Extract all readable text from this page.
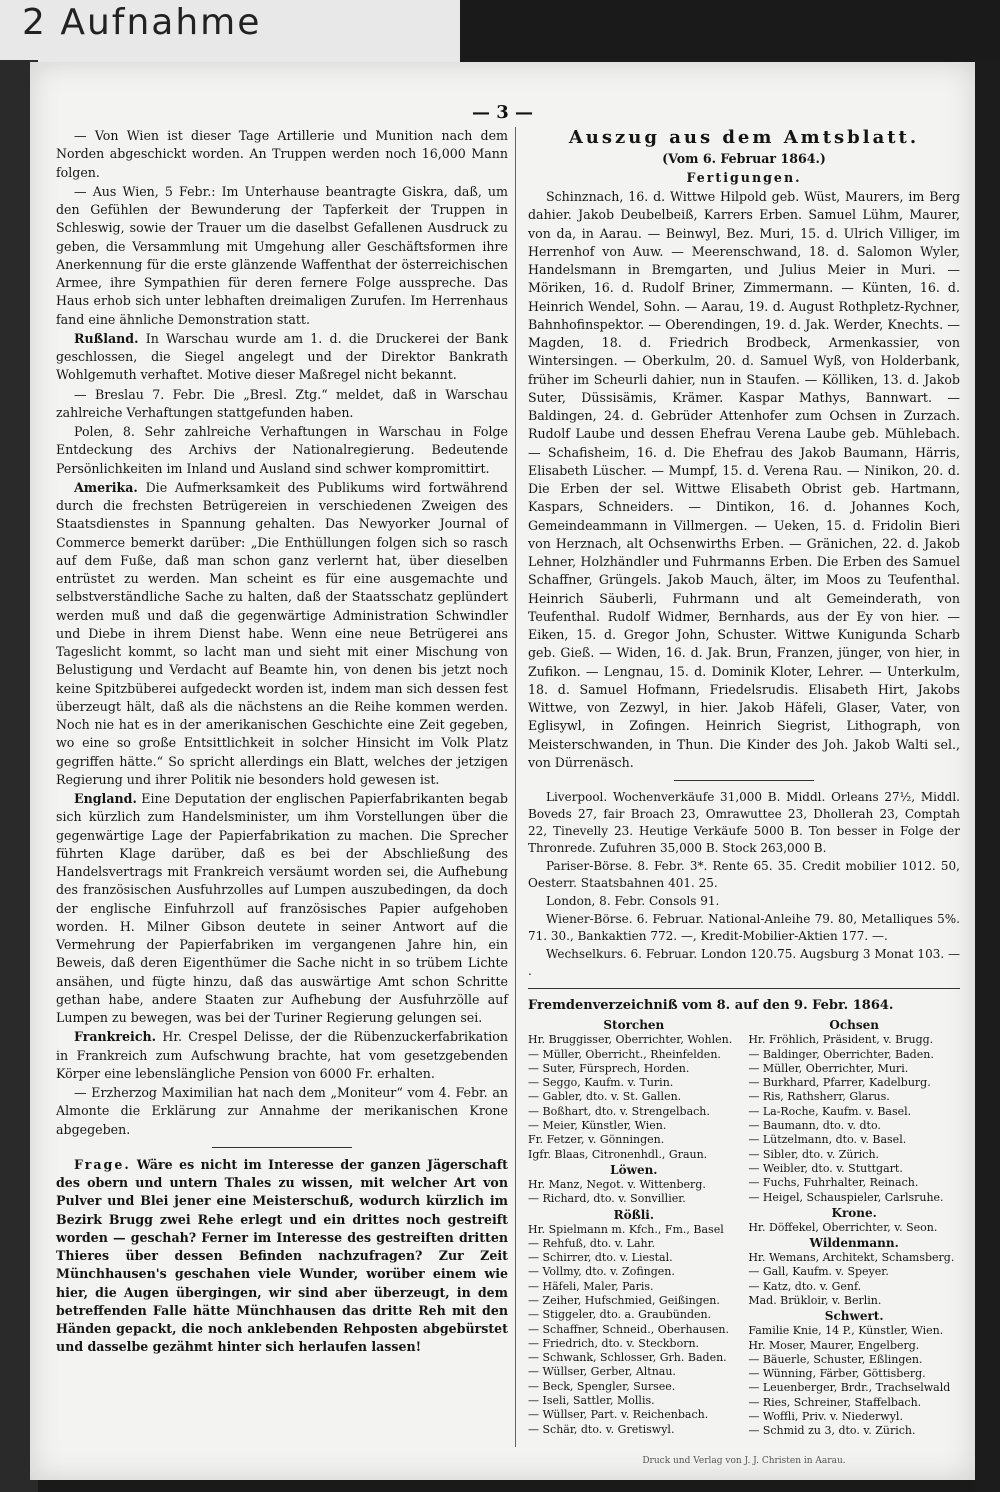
2 Aufnahme
— 3 —

— Von Wien ist dieser Tage Artillerie und Munition nach dem Norden abgeschickt worden. An Truppen werden noch 16,000 Mann folgen.

— Aus Wien, 5 Febr.: Im Unterhause beantragte Giskra, daß, um den Gefühlen der Bewunderung der Tapferkeit der Truppen in Schleswig, sowie der Trauer um die daselbst Gefallenen Ausdruck zu geben, die Versammlung mit Umgehung aller Geschäftsformen ihre Anerkennung für die erste glänzende Waffenthat der österreichischen Armee, ihre Sympathien für deren fernere Folge ausspreche. Das Haus erhob sich unter lebhaften dreimaligen Zurufen. Im Herrenhaus fand eine ähnliche Demonstration statt.

Rußland. In Warschau wurde am 1. d. die Druckerei der Bank geschlossen, die Siegel angelegt und der Direktor Bankrath Wohlgemuth verhaftet. Motive dieser Maßregel nicht bekannt.

— Breslau 7. Febr. Die „Bresl. Ztg.“ meldet, daß in Warschau zahlreiche Verhaftungen stattgefunden haben.

Polen, 8. Sehr zahlreiche Verhaftungen in Warschau in Folge Entdeckung des Archivs der Nationalregierung. Bedeutende Persönlichkeiten im Inland und Ausland sind schwer kompromittirt.

Amerika. Die Aufmerksamkeit des Publikums wird fortwährend durch die frechsten Betrügereien in verschiedenen Zweigen des Staatsdienstes in Spannung gehalten. Das Newyorker Journal of Commerce bemerkt darüber: „Die Enthüllungen folgen sich so rasch auf dem Fuße, daß man schon ganz verlernt hat, über dieselben entrüstet zu werden. Man scheint es für eine ausgemachte und selbstverständliche Sache zu halten, daß der Staatsschatz geplündert werden muß und daß die gegenwärtige Administration Schwindler und Diebe in ihrem Dienst habe. Wenn eine neue Betrügerei ans Tageslicht kommt, so lacht man und sieht mit einer Mischung von Belustigung und Verdacht auf Beamte hin, von denen bis jetzt noch keine Spitzbüberei aufgedeckt worden ist, indem man sich dessen fest überzeugt hält, daß als die nächstens an die Reihe kommen werden. Noch nie hat es in der amerikanischen Geschichte eine Zeit gegeben, wo eine so große Entsittlichkeit in solcher Hinsicht im Volk Platz gegriffen hätte.“ So spricht allerdings ein Blatt, welches der jetzigen Regierung und ihrer Politik nie besonders hold gewesen ist.

England. Eine Deputation der englischen Papierfabrikanten begab sich kürzlich zum Handelsminister, um ihm Vorstellungen über die gegenwärtige Lage der Papierfabrikation zu machen. Die Sprecher führten Klage darüber, daß es bei der Abschließung des Handelsvertrags mit Frankreich versäumt worden sei, die Aufhebung des französischen Ausfuhrzolles auf Lumpen auszubedingen, da doch der englische Einfuhrzoll auf französisches Papier aufgehoben worden. H. Milner Gibson deutete in seiner Antwort auf die Vermehrung der Papierfabriken im vergangenen Jahre hin, ein Beweis, daß deren Eigenthümer die Sache nicht in so trübem Lichte ansähen, und fügte hinzu, daß das auswärtige Amt schon Schritte gethan habe, andere Staaten zur Aufhebung der Ausfuhrzölle auf Lumpen zu bewegen, was bei der Turiner Regierung gelungen sei.

Frankreich. Hr. Crespel Delisse, der die Rübenzuckerfabrikation in Frankreich zum Aufschwung brachte, hat vom gesetzgebenden Körper eine lebenslängliche Pension von 6000 Fr. erhalten.

— Erzherzog Maximilian hat nach dem „Moniteur“ vom 4. Febr. an Almonte die Erklärung zur Annahme der merikanischen Krone abgegeben.

Frage. Wäre es nicht im Interesse der ganzen Jägerschaft des obern und untern Thales zu wissen, mit welcher Art von Pulver und Blei jener eine Meisterschuß, wodurch kürzlich im Bezirk Brugg zwei Rehe erlegt und ein drittes noch gestreift worden — geschah? Ferner im Interesse des gestreiften dritten Thieres über dessen Befinden nachzufragen? Zur Zeit Münchhausen's geschahen viele Wunder, worüber einem wie hier, die Augen übergingen, wir sind aber überzeugt, in dem betreffenden Falle hätte Münchhausen das dritte Reh mit den Händen gepackt, die noch anklebenden Rehposten abgebürstet und dasselbe gezähmt hinter sich herlaufen lassen!

Auszug aus dem Amtsblatt.

(Vom 6. Februar 1864.)

Fertigungen.

Schinznach, 16. d. Wittwe Hilpold geb. Wüst, Maurers, im Berg dahier. Jakob Deubelbeiß, Karrers Erben. Samuel Lühm, Maurer, von da, in Aarau. — Beinwyl, Bez. Muri, 15. d. Ulrich Villiger, im Herrenhof von Auw. — Meerenschwand, 18. d. Salomon Wyler, Handelsmann in Bremgarten, und Julius Meier in Muri. — Möriken, 16. d. Rudolf Briner, Zimmermann. — Künten, 16. d. Heinrich Wendel, Sohn. — Aarau, 19. d. August Rothpletz-Rychner, Bahnhofinspektor. — Oberendingen, 19. d. Jak. Werder, Knechts. — Magden, 18. d. Friedrich Brodbeck, Armenkassier, von Wintersingen. — Oberkulm, 20. d. Samuel Wyß, von Holderbank, früher im Scheurli dahier, nun in Staufen. — Kölliken, 13. d. Jakob Suter, Düssisämis, Krämer. Kaspar Mathys, Bannwart. — Baldingen, 24. d. Gebrüder Attenhofer zum Ochsen in Zurzach. Rudolf Laube und dessen Ehefrau Verena Laube geb. Mühlebach. — Schafisheim, 16. d. Die Ehefrau des Jakob Baumann, Härris, Elisabeth Lüscher. — Mumpf, 15. d. Verena Rau. — Ninikon, 20. d. Die Erben der sel. Wittwe Elisabeth Obrist geb. Hartmann, Kaspars, Schneiders. — Dintikon, 16. d. Johannes Koch, Gemeindeammann in Villmergen. — Ueken, 15. d. Fridolin Bieri von Herznach, alt Ochsenwirths Erben. — Gränichen, 22. d. Jakob Lehner, Holzhändler und Fuhrmanns Erben. Die Erben des Samuel Schaffner, Grüngels. Jakob Mauch, älter, im Moos zu Teufenthal. Heinrich Säuberli, Fuhrmann und alt Gemeinderath, von Teufenthal. Rudolf Widmer, Bernhards, aus der Ey von hier. — Eiken, 15. d. Gregor John, Schuster. Wittwe Kunigunda Scharb geb. Gieß. — Widen, 16. d. Jak. Brun, Franzen, jünger, von hier, in Zufikon. — Lengnau, 15. d. Dominik Kloter, Lehrer. — Unterkulm, 18. d. Samuel Hofmann, Friedelsrudis. Elisabeth Hirt, Jakobs Wittwe, von Zezwyl, in hier. Jakob Häfeli, Glaser, Vater, von Eglisywl, in Zofingen. Heinrich Siegrist, Lithograph, von Meisterschwanden, in Thun. Die Kinder des Joh. Jakob Walti sel., von Dürrenäsch.

Liverpool. Wochenverkäufe 31,000 B. Middl. Orleans 27½, Middl. Boveds 27, fair Broach 23, Omrawuttee 23, Dhollerah 23, Comptah 22, Tinevelly 23. Heutige Verkäufe 5000 B. Ton besser in Folge der Thronrede. Zufuhren 35,000 B. Stock 263,000 B.

Pariser-Börse. 8. Febr. 3*. Rente 65. 35. Credit mobilier 1012. 50, Oesterr. Staatsbahnen 401. 25.

London, 8. Febr. Consols 91.

Wiener-Börse. 6. Februar. National-Anleihe 79. 80, Metalliques 5%. 71. 30., Bankaktien 772. —, Kredit-Mobilier-Aktien 177. —.

Wechselkurs. 6. Februar. London 120.75. Augsburg 3 Monat 103. — .

Fremdenverzeichniß vom 8. auf den 9. Febr. 1864.

Storchen
Hr. Bruggisser, Oberrichter, Wohlen.
— Müller, Oberricht., Rheinfelden.
— Suter, Fürsprech, Horden.
— Seggo, Kaufm. v. Turin.
— Gabler, dto. v. St. Gallen.
— Boßhart, dto. v. Strengelbach.
— Meier, Künstler, Wien.
Fr. Fetzer, v. Gönningen.
Igfr. Blaas, Citronenhdl., Graun.
Löwen.
Hr. Manz, Negot. v. Wittenberg.
— Richard, dto. v. Sonvillier.
Rößli.
Hr. Spielmann m. Kfch., Fm., Basel
— Rehfuß, dto. v. Lahr.
— Schirrer, dto. v. Liestal.
— Vollmy, dto. v. Zofingen.
— Häfeli, Maler, Paris.
— Zeiher, Hufschmied, Geißingen.
— Stiggeler, dto. a. Graubünden.
— Schaffner, Schneid., Oberhausen.
— Friedrich, dto. v. Steckborn.
— Schwank, Schlosser, Grh. Baden.
— Wüllser, Gerber, Altnau.
— Beck, Spengler, Sursee.
— Iseli, Sattler, Mollis.
— Wüllser, Part. v. Reichenbach.
— Schär, dto. v. Gretiswyl.
Ochsen
Hr. Fröhlich, Präsident, v. Brugg.
— Baldinger, Oberrichter, Baden.
— Müller, Oberrichter, Muri.
— Burkhard, Pfarrer, Kadelburg.
— Ris, Rathsherr, Glarus.
— La-Roche, Kaufm. v. Basel.
— Baumann, dto. v. dto.
— Lützelmann, dto. v. Basel.
— Sibler, dto. v. Zürich.
— Weibler, dto. v. Stuttgart.
— Fuchs, Fuhrhalter, Reinach.
— Heigel, Schauspieler, Carlsruhe.
Krone.
Hr. Döffekel, Oberrichter, v. Seon.
Wildenmann.
Hr. Wemans, Architekt, Schamsberg.
— Gall, Kaufm. v. Speyer.
— Katz, dto. v. Genf.
Mad. Brükloir, v. Berlin.
Schwert.
Familie Knie, 14 P., Künstler, Wien.
Hr. Moser, Maurer, Engelberg.
— Bäuerle, Schuster, Eßlingen.
— Wünning, Färber, Göttisberg.
— Leuenberger, Brdr., Trachselwald
— Ries, Schreiner, Staffelbach.
— Woffli, Priv. v. Niederwyl.
— Schmid zu 3, dto. v. Zürich.
Druck und Verlag von J. J. Christen in Aarau.
